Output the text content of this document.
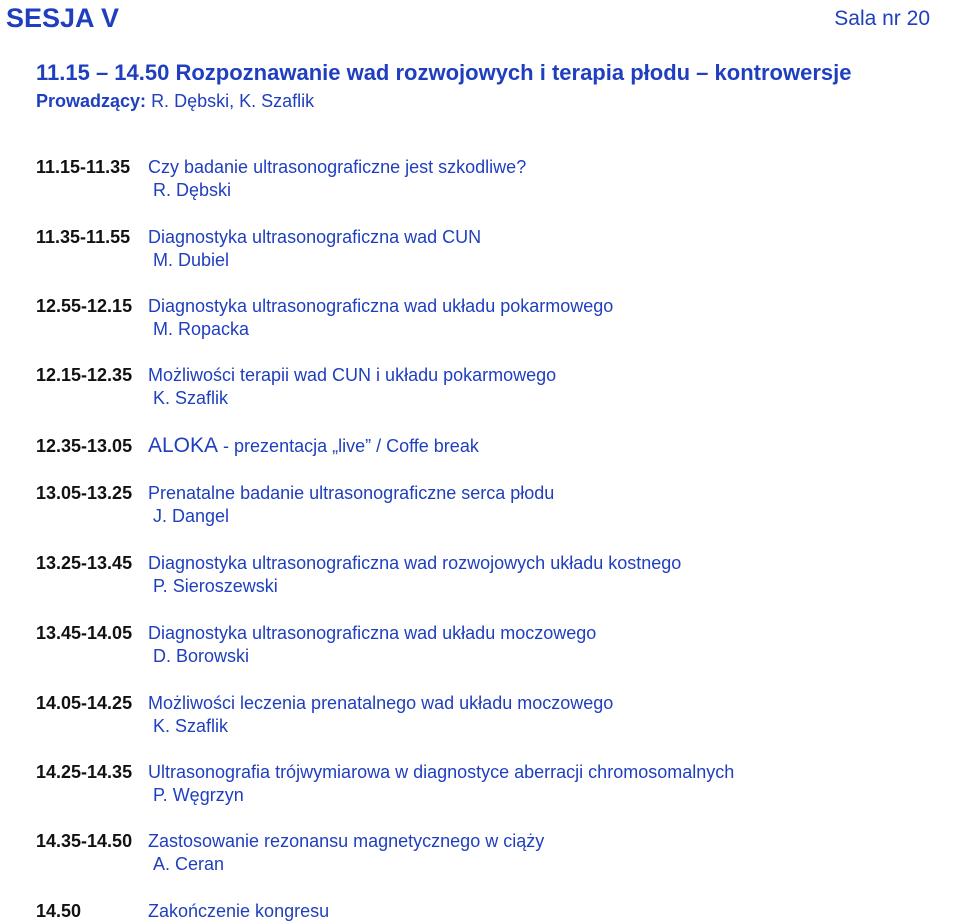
SESJA V	Sala nr 20
11.15 – 14.50 Rozpoznawanie wad rozwojowych i terapia płodu – kontrowersje
Prowadzący: R. Dębski, K. Szaflik
11.15-11.35 Czy badanie ultrasonograficzne jest szkodliwe?
R. Dębski
11.35-11.55 Diagnostyka ultrasonograficzna wad CUN
M. Dubiel
12.55-12.15 Diagnostyka ultrasonograficzna wad układu pokarmowego
M. Ropacka
12.15-12.35 Możliwości terapii wad CUN i układu pokarmowego
K. Szaflik
12.35-13.05 ALOKA - prezentacja „live” / Coffe break
13.05-13.25 Prenatalne badanie ultrasonograficzne serca płodu
J. Dangel
13.25-13.45 Diagnostyka ultrasonograficzna wad rozwojowych układu kostnego
P. Sieroszewski
13.45-14.05 Diagnostyka ultrasonograficzna wad układu moczowego
D. Borowski
14.05-14.25 Możliwości leczenia prenatalnego wad układu moczowego
K. Szaflik
14.25-14.35 Ultrasonografia trójwymiarowa w diagnostyce aberracji chromosomalnych
P. Węgrzyn
14.35-14.50 Zastosowanie rezonansu magnetycznego w ciąży
A. Ceran
14.50	Zakończenie kongresu
